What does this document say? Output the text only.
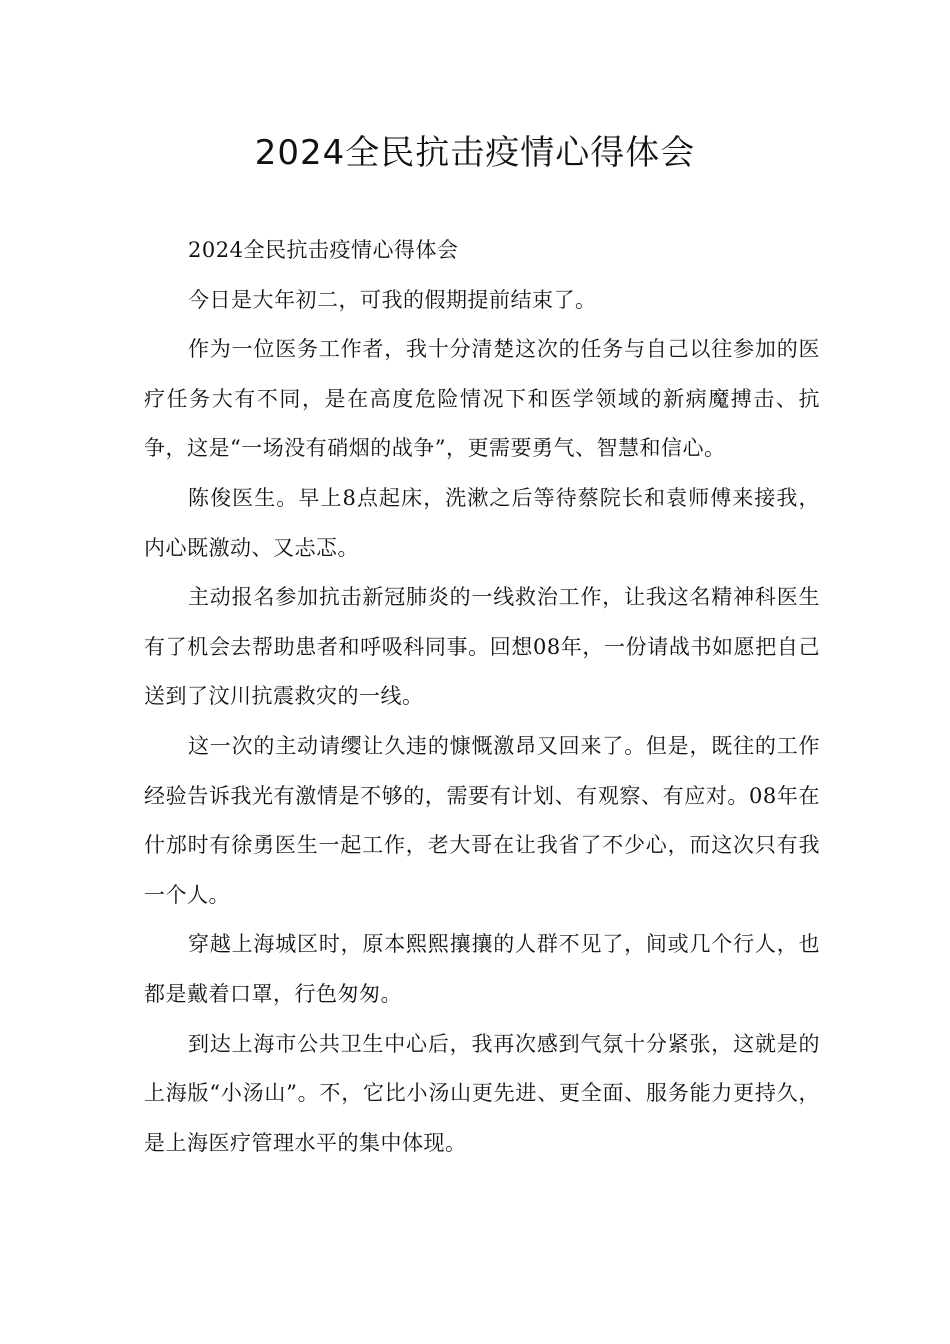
2024全民抗击疫情心得体会

2024全民抗击疫情心得体会

今日是大年初二，可我的假期提前结束了。

作为一位医务工作者，我十分清楚这次的任务与自己以往参加的医疗任务大有不同，是在高度危险情况下和医学领域的新病魔搏击、抗争，这是“一场没有硝烟的战争”，更需要勇气、智慧和信心。

陈俊医生。早上8点起床，洗漱之后等待蔡院长和袁师傅来接我，内心既激动、又忐忑。

主动报名参加抗击新冠肺炎的一线救治工作，让我这名精神科医生有了机会去帮助患者和呼吸科同事。回想08年，一份请战书如愿把自己送到了汶川抗震救灾的一线。

这一次的主动请缨让久违的慷慨激昂又回来了。但是，既往的工作经验告诉我光有激情是不够的，需要有计划、有观察、有应对。08年在什邡时有徐勇医生一起工作，老大哥在让我省了不少心，而这次只有我一个人。

穿越上海城区时，原本熙熙攘攘的人群不见了，间或几个行人，也都是戴着口罩，行色匆匆。

到达上海市公共卫生中心后，我再次感到气氛十分紧张，这就是的上海版“小汤山”。不，它比小汤山更先进、更全面、服务能力更持久，是上海医疗管理水平的集中体现。
